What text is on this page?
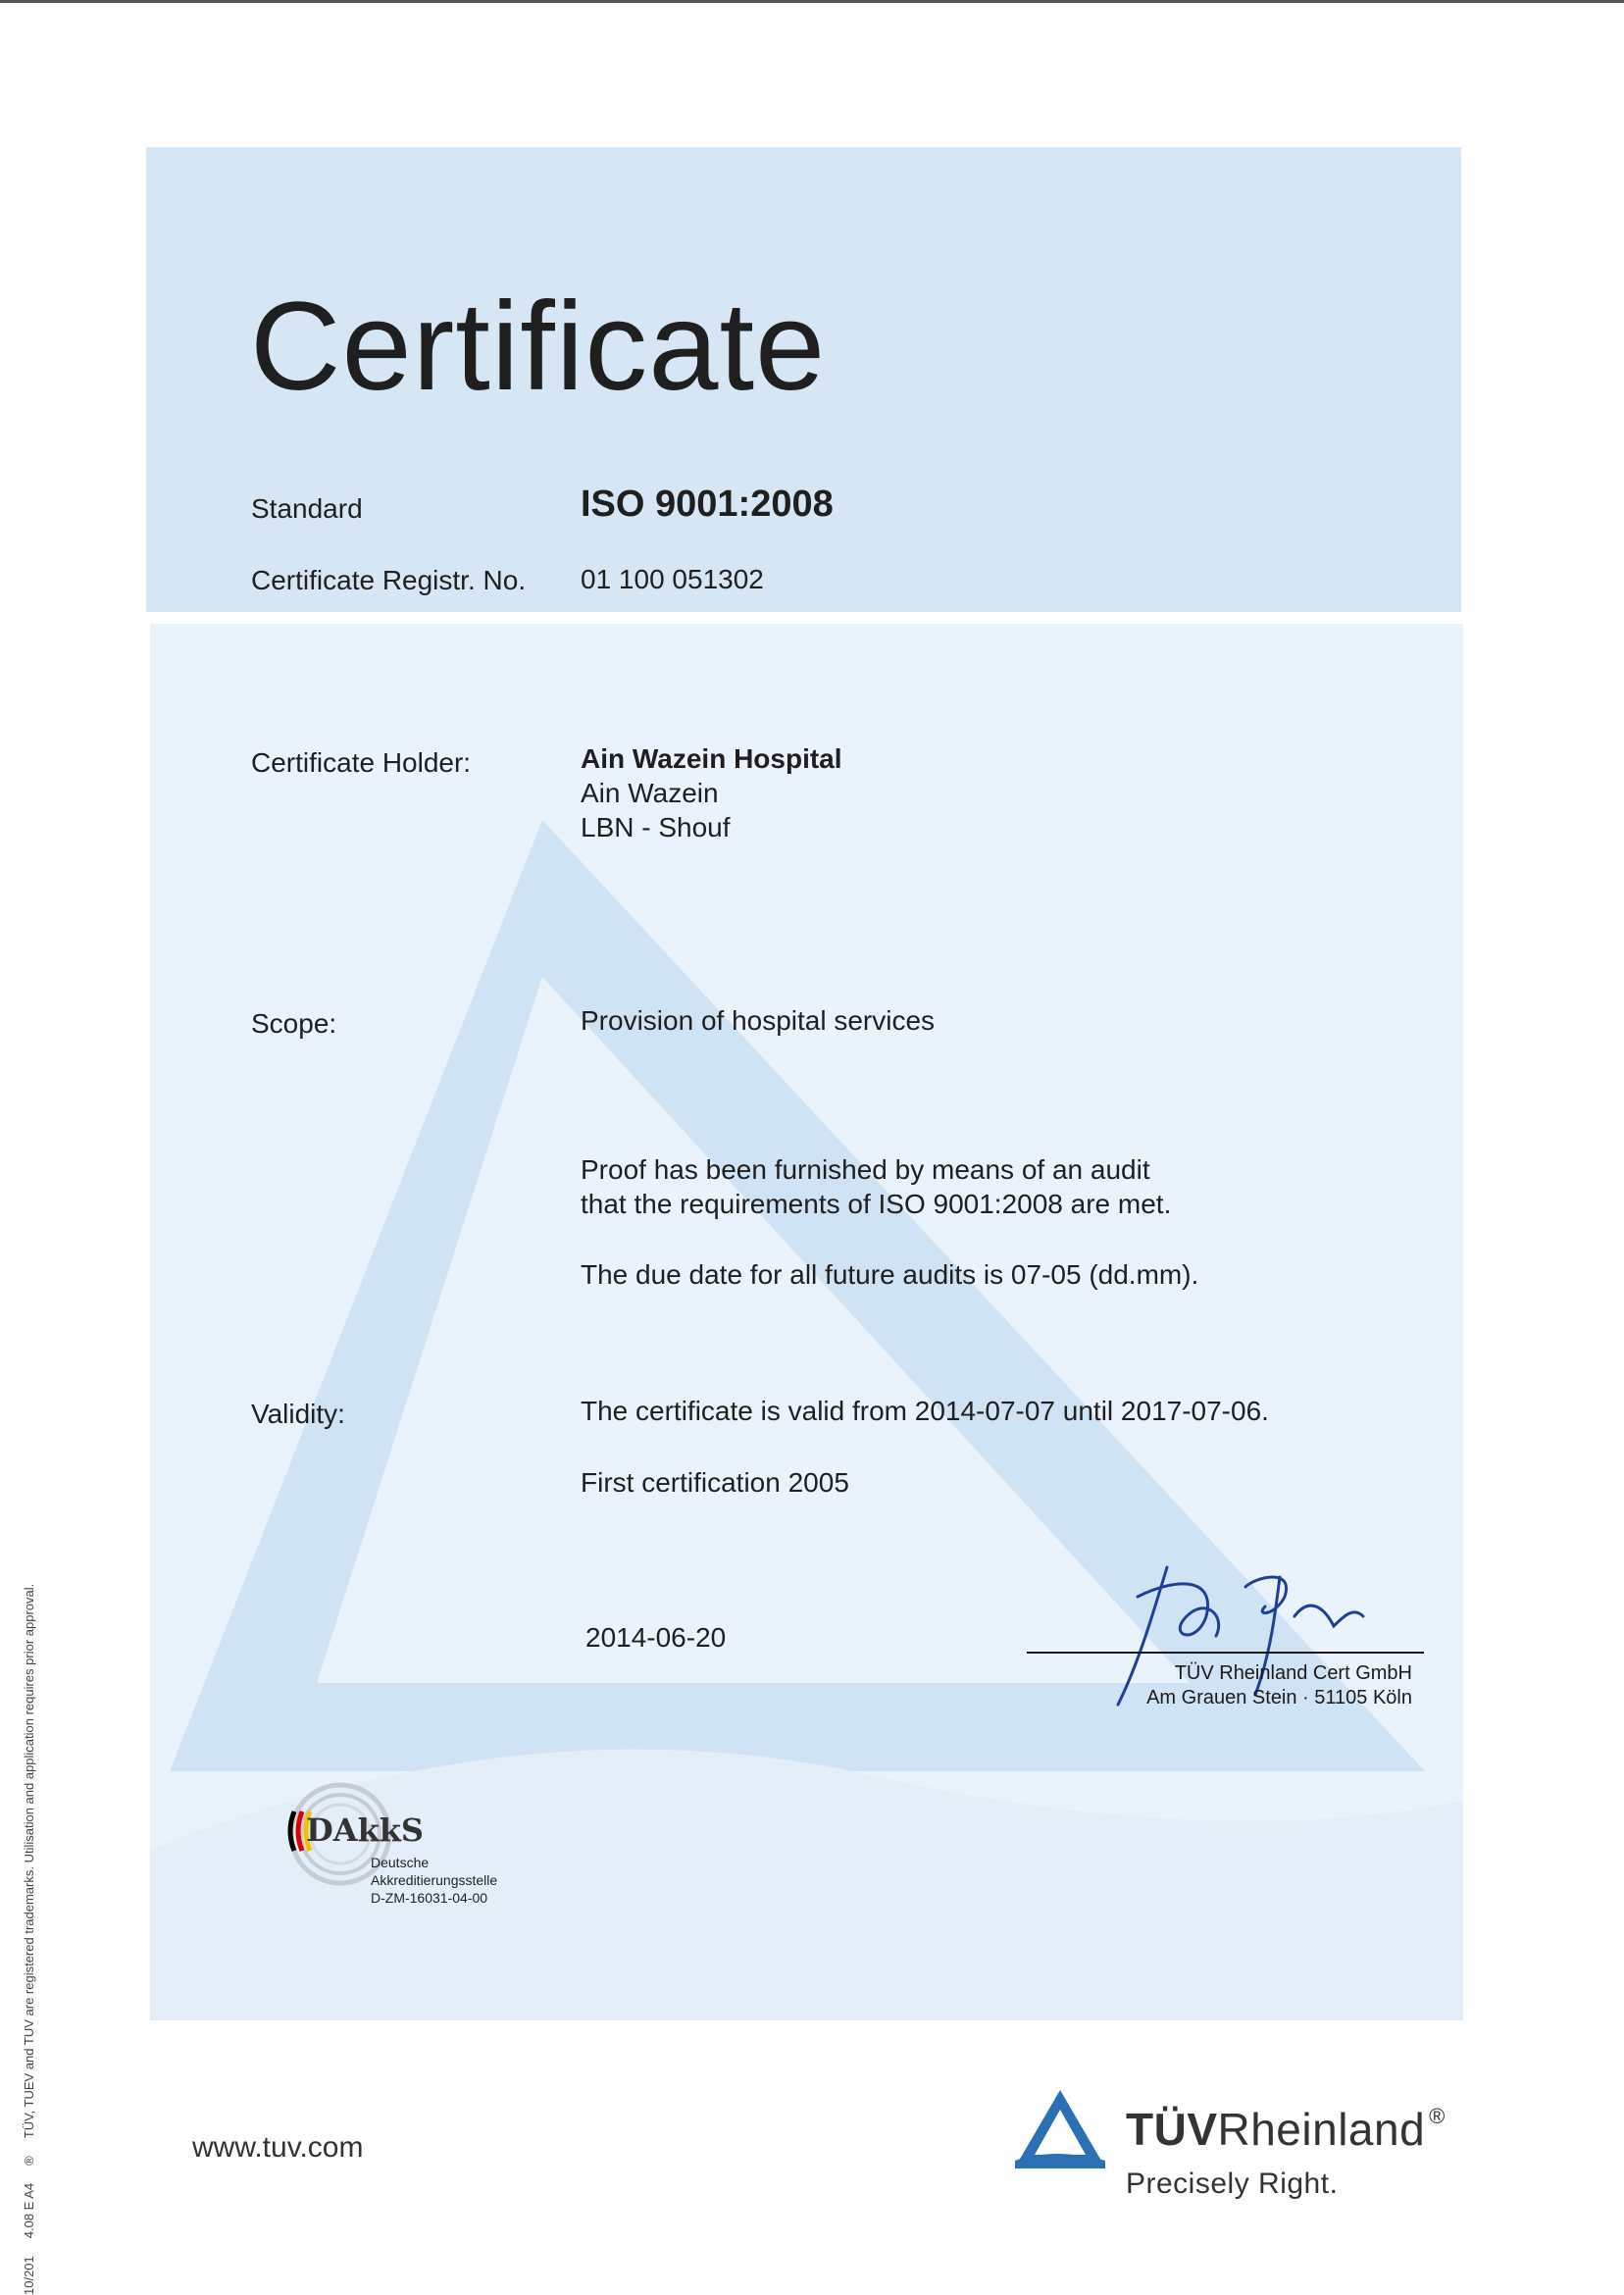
Certificate
Standard	ISO 9001:2008
Certificate Registr. No. 01 100 051302
Certificate Holder:	Ain Wazein Hospital
Ain Wazein
LBN - Shouf
Scope:	Provision of hospital services
Proof has been furnished by means of an audit
that the requirements of ISO 9001:2008 are met.
The due date for all future audits is 07-05 (dd.mm).
Validity:	The certificate is valid from 2014-07-07 until 2017-07-06.
First certification 2005
2014-06-20
TÜV Rheinland Cert GmbH
Am Grauen Stein · 51105 Köln
DAkkS
Deutsche
Akkreditierungsstelle
D-ZM-16031-04-00
www.tuv.com	TÜVRheinland ®
Precisely Right.
10/2014.08 E A4®TÜV, TUEV and TUV are registered trademarks. Utilisation and application requires prior approval.
